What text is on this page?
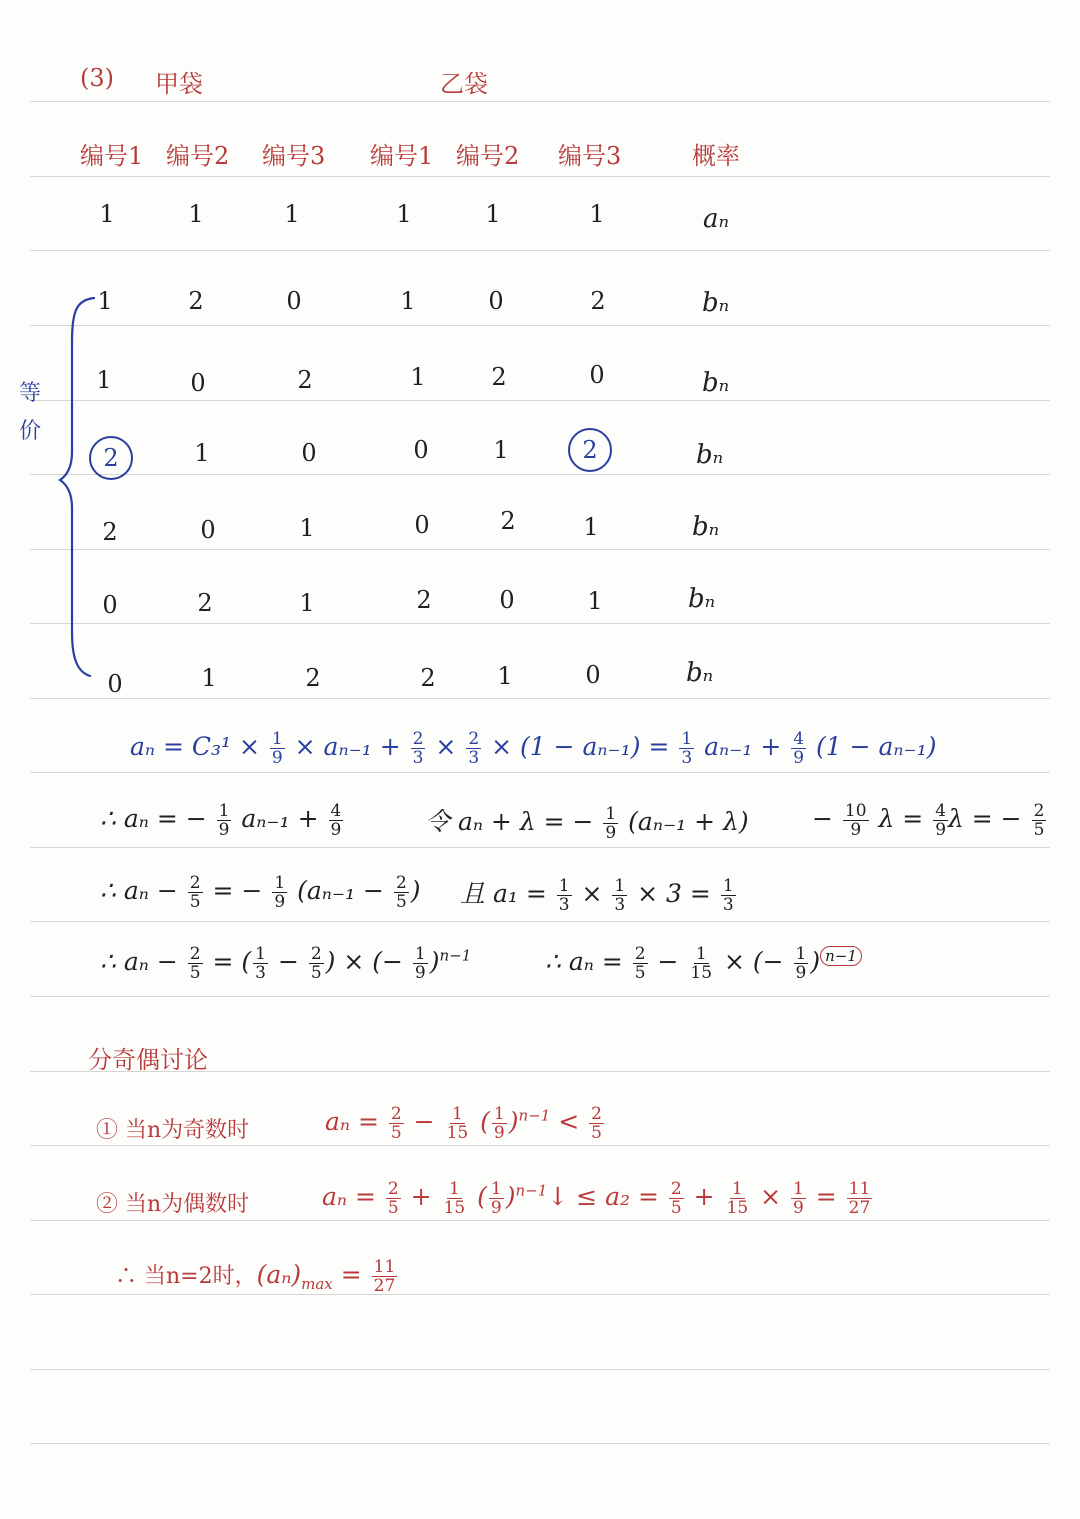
(3) 甲袋	乙袋
编号1 编号2 编号3 编号1 编号2 编号3	概率
1	1	1	1	1	1	aₙ
1	2	0	1	0	2	bₙ
1	0	2	1	2	0	bₙ
2	1	0	0	1	2	bₙ
2	0	1	0	2	1	bₙ
0	2	1	2	0	1	bₙ
0	1	2	2	1	0	bₙ
等价
$a_n = C_3^1 \times \frac{1}{9} \times a_{n-1} + \frac{2}{3} \times \frac{2}{3} \times (1 - a_{n-1}) = \frac{1}{3} a_{n-1} + \frac{4}{9} (1 - a_{n-1})$
∴ aₙ = − $\frac{1}{9} a_{n-1} + \frac{4}{9}$	令 aₙ + λ = − $\frac{1}{9} (a_{n-1} + \lambda)$	− $\frac{10}{9}$ $\lambda = \frac{4}{9}$ λ = − $\frac{2}{5}$
∴ $a_n - \frac{2}{5}$ = − $\frac{1}{9} (a_{n-1} - \frac{2}{5}$ ) 且 $a_1 = \frac{1}{3} \times \frac{1}{3} \times 3 = \frac{1}{3}$
∴ $a_n - \frac{2}{5}$ = ( $\frac{1}{3} - \frac{2}{5}$ ) × (− $\frac{1}{9} )^{n-1}$	∴ $a_n = \frac{2}{5} - \frac{1}{15}$ × (− $\frac{1}{9}$ ) $^{n-1}$
分奇偶讨论
① 当n为奇数时	$a_n = \frac{2}{5} - \frac{1}{15}$ ( $\frac{1}{9} )^{n-1} < \frac{2}{5}$
② 当n为偶数时	$a_n = \frac{2}{5} + \frac{1}{15}$ ( $\frac{1}{9}$ )$^{n-1}$↓ ≤ $a_2 = \frac{2}{5} + \frac{1}{15} \times \frac{1}{9} = \frac{11}{27}$
∴ 当n=2时，$(a_n)_{max} = \frac{11}{27}$
